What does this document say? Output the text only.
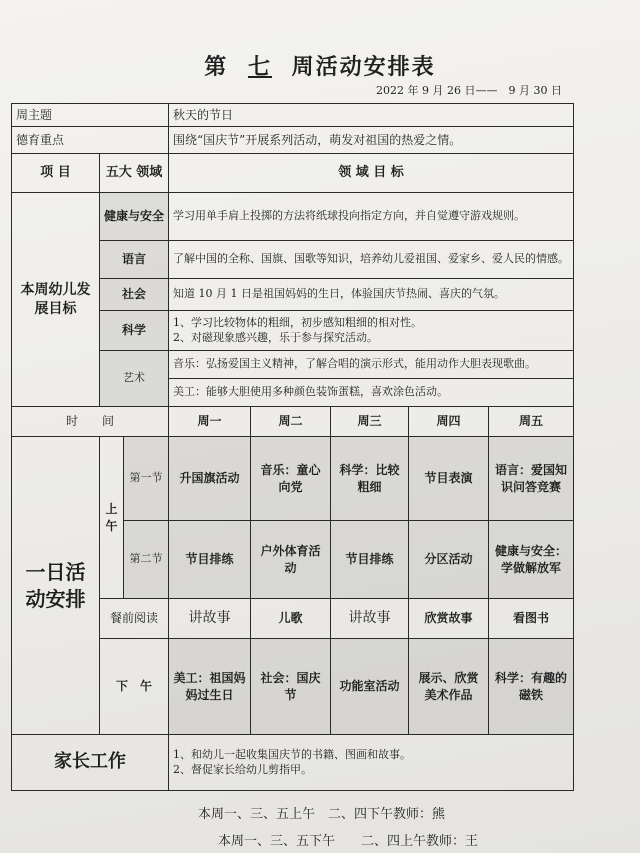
第 七 周活动安排表
2022 年 9 月 26 日——　9 月 30 日
周主题			秋天的节日				
德育重点			围绕“国庆节”开展系列活动，萌发对祖国的热爱之情。				
项 目	五大 领域		领 域 目 标				
本周幼儿发展目标	健康与安全		学习用单手肩上投掷的方法将纸球投向指定方向，并自觉遵守游戏规则。				
	语言		了解中国的全称、国旗、国歌等知识，培养幼儿爱祖国、爱家乡、爱人民的情感。				
	社会		知道 10 月 1 日是祖国妈妈的生日，体验国庆节热闹、喜庆的气氛。				
	科学		1、学习比较物体的粗细，初步感知粗细的相对性。
2、对磁现象感兴趣，乐于参与探究活动。				
	艺术		音乐：弘扬爱国主义精神，了解合唱的演示形式，能用动作大胆表现歌曲。				
			美工：能够大胆使用多种颜色装饰蛋糕，喜欢涂色活动。				
时　　间			周一	周二	周三	周四	周五
一日活动安排	上午	第一节	升国旗活动	音乐：童心向党	科学：比较粗细	节目表演	语言：爱国知识问答竞赛
		第二节	节目排练	户外体育活动	节目排练	分区活动	健康与安全：学做解放军
	餐前阅读		讲故事	儿歌	讲故事	欣赏故事	看图书
	下　午		美工：祖国妈妈过生日	社会：国庆节	功能室活动	展示、欣赏美术作品	科学：有趣的磁铁
家长工作			1、和幼儿一起收集国庆节的书籍、图画和故事。
2、督促家长给幼儿剪指甲。				
本周一、三、五上午　二、四下午教师：熊
本周一、三、五下午　　二、四上午教师：王
